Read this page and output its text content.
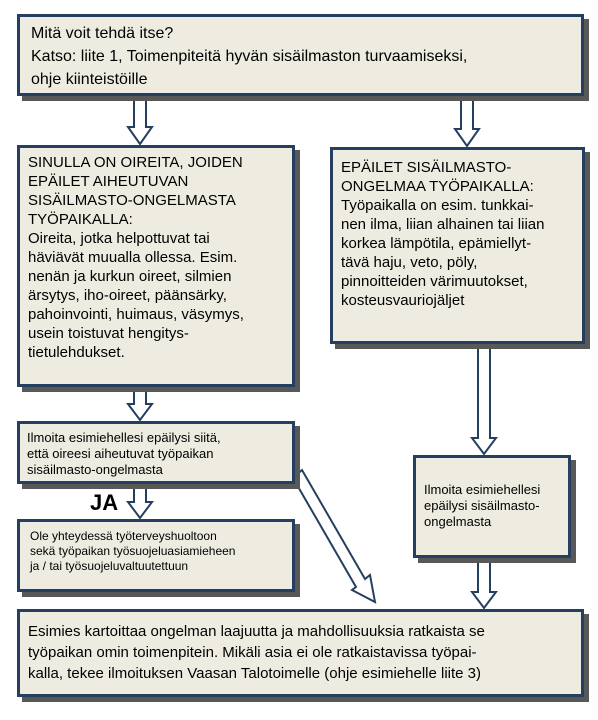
Mitä voit tehdä itse?
Katso: liite 1, Toimenpiteitä hyvän sisäilmaston turvaamiseksi,
ohje kiinteistöille
SINULLA ON OIREITA, JOIDEN
EPÄILET AIHEUTUVAN
SISÄILMASTO-ONGELMASTA
TYÖPAIKALLA:
Oireita, jotka helpottuvat tai
häviävät muualla ollessa. Esim.
nenän ja kurkun oireet, silmien
ärsytys, iho-oireet, päänsärky,
pahoinvointi, huimaus, väsymys,
usein toistuvat hengitys-
tietulehdukset.
EPÄILET SISÄILMASTO-
ONGELMAA TYÖPAIKALLA:
Työpaikalla on esim. tunkkai-
nen ilma, liian alhainen tai liian
korkea lämpötila, epämiellyt-
tävä haju, veto, pöly,
pinnoitteiden värimuutokset,
kosteusvauriojäljet
Ilmoita esimiehellesi epäilysi siitä,
että oireesi aiheutuvat työpaikan
sisäilmasto-ongelmasta
JA
Ole yhteydessä työterveyshuoltoon
sekä työpaikan työsuojeluasiamieheen
ja / tai työsuojeluvaltuutettuun
Ilmoita esimiehellesi
epäilysi sisäilmasto-
ongelmasta
Esimies kartoittaa ongelman laajuutta ja mahdollisuuksia ratkaista se
työpaikan omin toimenpitein. Mikäli asia ei ole ratkaistavissa työpai-
kalla, tekee ilmoituksen Vaasan Talotoimelle (ohje esimiehelle liite 3)
